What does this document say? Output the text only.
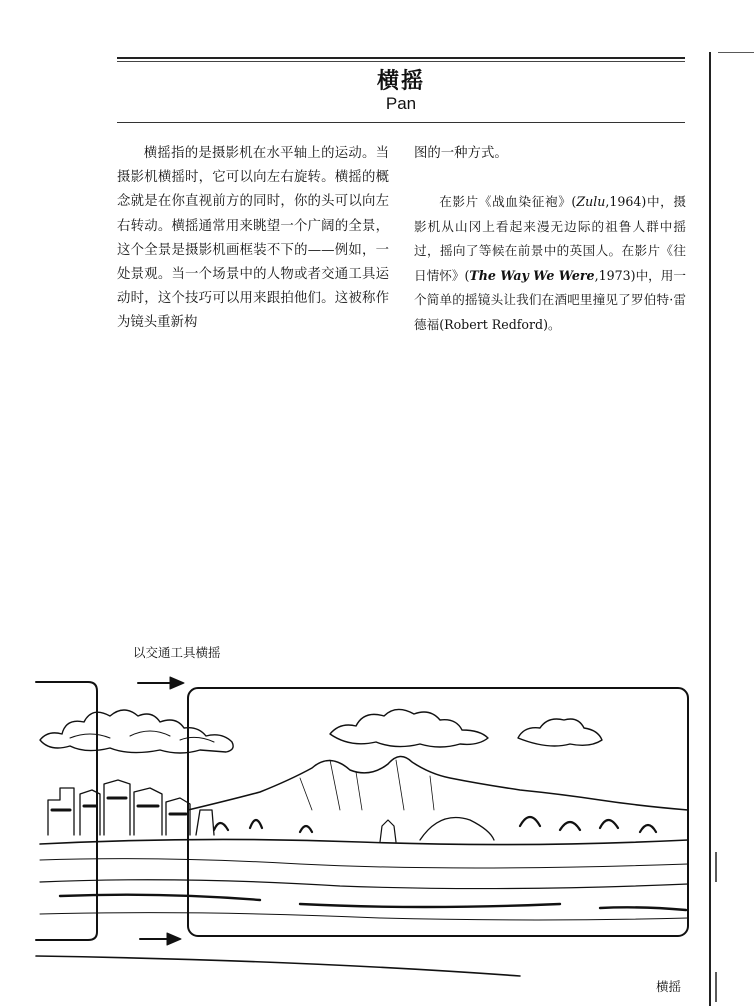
横摇
Pan

横摇指的是摄影机在水平轴上的运动。当摄影机横摇时，它可以向左右旋转。横摇的概念就是在你直视前方的同时，你的头可以向左右转动。横摇通常用来眺望一个广阔的全景，这个全景是摄影机画框装不下的——例如，一处景观。当一个场景中的人物或者交通工具运动时，这个技巧可以用来跟拍他们。这被称作为镜头重新构

图的一种方式。

在影片《战血染征袍》(Zulu,1964)中，摄影机从山冈上看起来漫无边际的祖鲁人群中摇过，摇向了等候在前景中的英国人。在影片《往日情怀》(The Way We Were,1973)中，用一个简单的摇镜头让我们在酒吧里撞见了罗伯特·雷德福(Robert Redford)。

以交通工具横摇
横摇
